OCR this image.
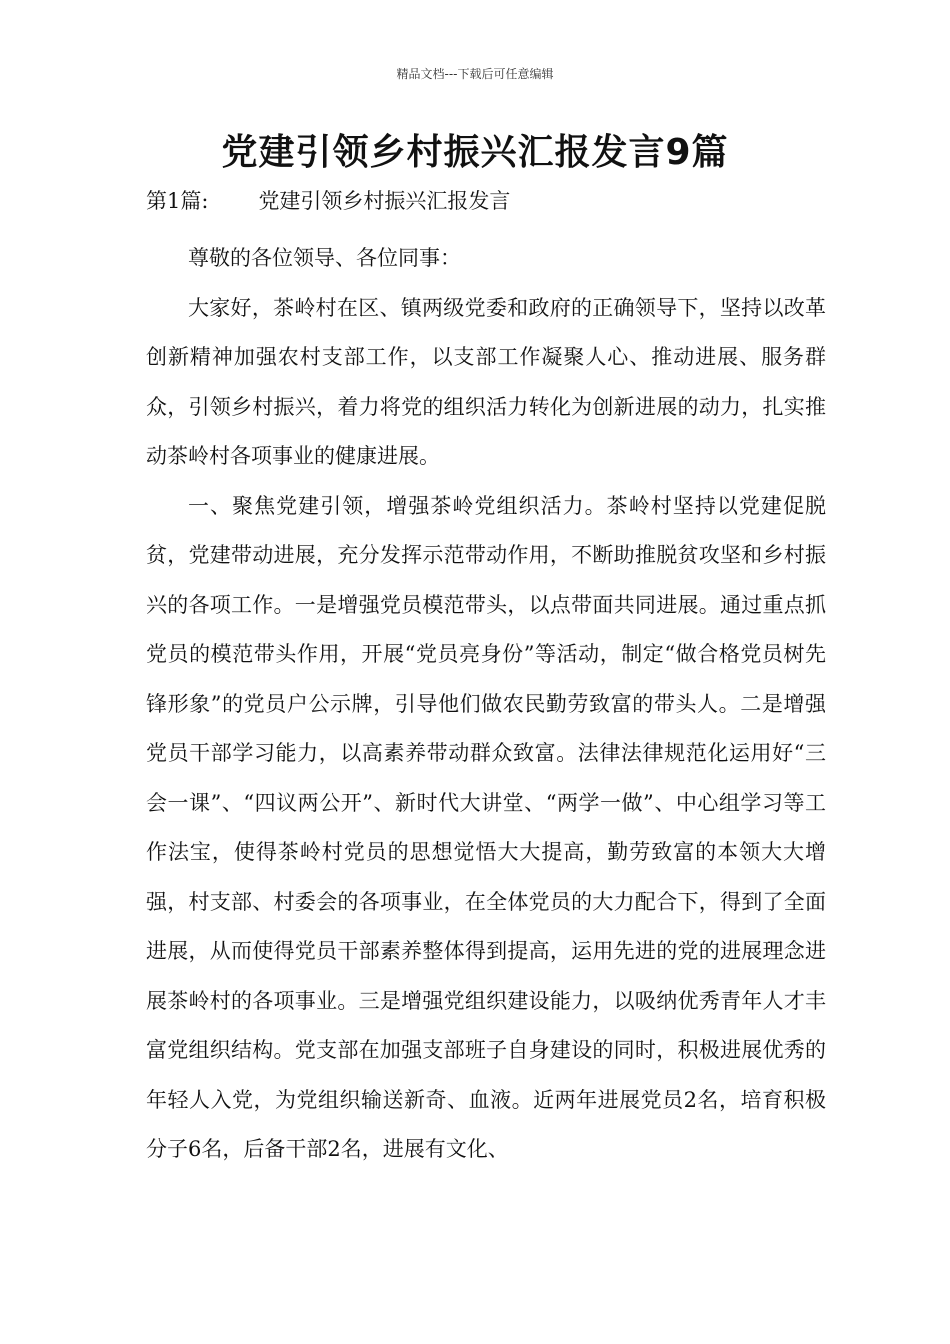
精品文档---下载后可任意编辑
党建引领乡村振兴汇报发言9篇
第1篇: 党建引领乡村振兴汇报发言

尊敬的各位领导、各位同事：

大家好，茶岭村在区、镇两级党委和政府的正确领导下，坚持以改革创新精神加强农村支部工作，以支部工作凝聚人心、推动进展、服务群众，引领乡村振兴，着力将党的组织活力转化为创新进展的动力，扎实推动茶岭村各项事业的健康进展。

一、聚焦党建引领，增强茶岭党组织活力。茶岭村坚持以党建促脱贫，党建带动进展，充分发挥示范带动作用，不断助推脱贫攻坚和乡村振兴的各项工作。一是增强党员模范带头，以点带面共同进展。通过重点抓党员的模范带头作用，开展“党员亮身份”等活动，制定“做合格党员树先锋形象”的党员户公示牌，引导他们做农民勤劳致富的带头人。二是增强党员干部学习能力，以高素养带动群众致富。法律法律规范化运用好“三会一课”、“四议两公开”、新时代大讲堂、“两学一做”、中心组学习等工作法宝，使得茶岭村党员的思想觉悟大大提高，勤劳致富的本领大大增强，村支部、村委会的各项事业，在全体党员的大力配合下，得到了全面进展，从而使得党员干部素养整体得到提高，运用先进的党的进展理念进展茶岭村的各项事业。三是增强党组织建设能力，以吸纳优秀青年人才丰富党组织结构。党支部在加强支部班子自身建设的同时，积极进展优秀的年轻人入党，为党组织输送新奇、血液。近两年进展党员2名，培育积极分子6名，后备干部2名，进展有文化、
